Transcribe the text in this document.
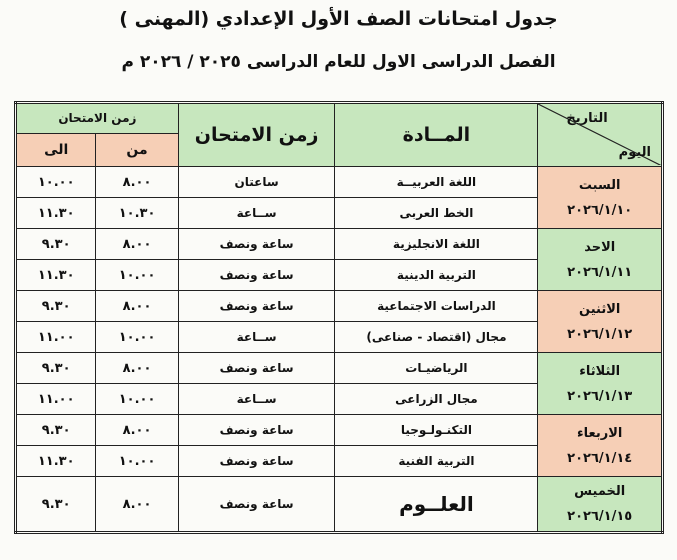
جدول امتحانات الصف الأول الإعدادي (المهنى )
الفصل الدراسى الاول للعام الدراسى ٢٠٢٥ / ٢٠٢٦ م
زمن الامتحان		زمن الامتحان	المــادة	التاريخ
اليوم

الى	من			
١٠.٠٠	٨.٠٠	ساعتان	اللغة العربيــة	السبت
٢٠٢٦/١/١٠

١١.٣٠	١٠.٣٠	ســاعة	الخط العربى	
٩.٣٠	٨.٠٠	ساعة ونصف	اللغة الانجليزية	الاحد
٢٠٢٦/١/١١

١١.٣٠	١٠.٠٠	ساعة ونصف	التربية الدينية	
٩.٣٠	٨.٠٠	ساعة ونصف	الدراسات الاجتماعية	الاثنين
٢٠٢٦/١/١٢

١١.٠٠	١٠.٠٠	ســاعة	مجال (اقتصاد - صناعى)	
٩.٣٠	٨.٠٠	ساعة ونصف	الرياضيـات	الثلاثاء
٢٠٢٦/١/١٣

١١.٠٠	١٠.٠٠	ســاعة	مجال الزراعى	
٩.٣٠	٨.٠٠	ساعة ونصف	التكنـولـوجيا	الاربعاء
٢٠٢٦/١/١٤

١١.٣٠	١٠.٠٠	ساعة ونصف	التربية الفنية	
٩.٣٠	٨.٠٠	ساعة ونصف	العلــوم	الخميس
٢٠٢٦/١/١٥
